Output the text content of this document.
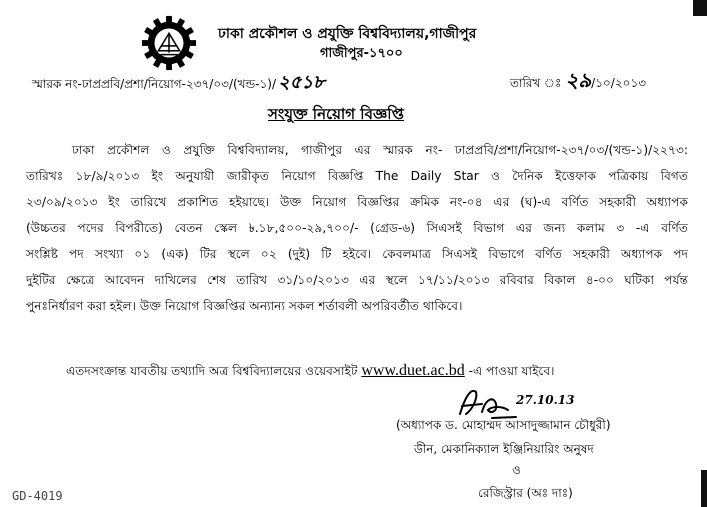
ঢাকা প্রকৌশল ও প্রযুক্তি বিশ্ববিদ্যালয়,গাজীপুর
গাজীপুর-১৭০০
স্মারক নং-ঢাপ্রপ্রবি/প্রশা/নিয়োগ-২৩৭/০৩/(খন্ড-১)/ ২৫১৮	তারিখ ঃ ২৯/১০/২০১৩
সংযুক্ত নিয়োগ বিজ্ঞপ্তি
ঢাকা প্রকৌশল ও প্রযুক্তি বিশ্ববিদ্যালয়, গাজীপুর এর স্মারক নং- ঢাপ্রপ্রবি/প্রশা/নিয়োগ-২৩৭/০৩/(খন্ড-১)/২২৭৩:
তারিখঃ ১৮/৯/২০১৩ ইং অনুযায়ী জারীকৃত নিয়োগ বিজ্ঞপ্তি The Daily Star ও দৈনিক ইত্তেফাক পত্রিকায় বিগত
২৩/০৯/২০১৩ ইং তারিখে প্রকাশিত হইয়াছে। উক্ত নিয়োগ বিজ্ঞপ্তির ক্রমিক নং-০৪ এর (ঘ)-এ বর্ণিত সহকারী অধ্যাপক
(উচ্চতর পদের বিপরীতে) বেতন স্কেল ৳.১৮,৫০০-২৯,৭০০/- (গ্রেড-৬) সিএসই বিভাগ এর জন্য কলাম ৩ -এ বর্ণিত
সংশ্লিষ্ট পদ সংখ্যা ০১ (এক) টির স্থলে ০২ (দুই) টি হইবে। কেবলমাত্র সিএসই বিভাগে বর্ণিত সহকারী অধ্যাপক পদ
দুইটির ক্ষেত্রে আবেদন দাখিলের শেষ তারিখ ৩১/১০/২০১৩ এর স্থলে ১৭/১১/২০১৩ রবিবার বিকাল ৪-০০ ঘটিকা পর্যন্ত
পুনঃনির্ধারণ করা হইল। উক্ত নিয়োগ বিজ্ঞপ্তির অন্যান্য সকল শর্তাবলী অপরিবর্তীত থাকিবে।
এতদসংক্রান্ত যাবতীয় তথ্যাদি অত্র বিশ্ববিদ্যালয়ের ওয়েবসাইট www.duet.ac.bd -এ পাওয়া যাইবে।
27.10.13
(অধ্যাপক ড. মোহাম্মদ আসাদুজ্জামান চৌধুরী)
ডীন, মেকানিক্যাল ইঞ্জিনিয়ারিং অনুষদ
ও
রেজিস্ট্রার (অঃ দাঃ)
GD-4019
